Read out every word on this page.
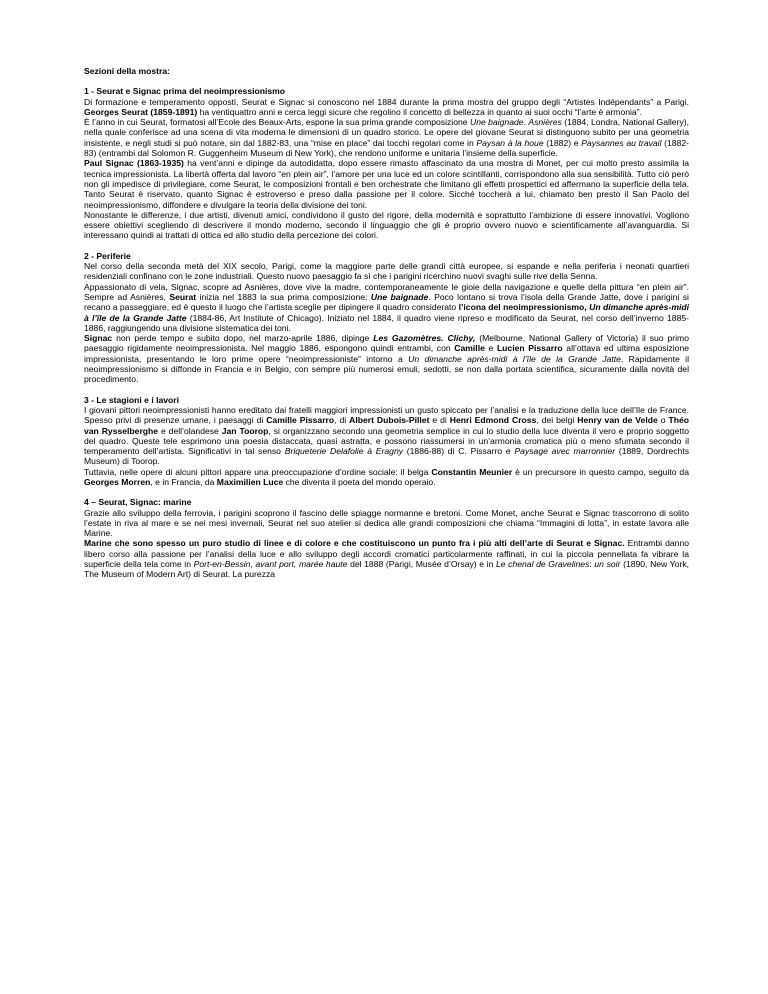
Sezioni della mostra:
1 - Seurat e Signac prima del neoimpressionismo

Di formazione e temperamento opposti, Seurat e Signac si conoscono nel 1884 durante la prima mostra del gruppo degli “Artistes Indépendants” a Parigi. Georges Seurat (1859-1891) ha ventiquattro anni e cerca leggi sicure che regolino il concetto di bellezza in quanto ai suoi occhi “l’arte è armonia”.

È l’anno in cui Seurat, formatosi all’Ecole des Beaux-Arts, espone la sua prima grande composizione Une baignade. Asnières (1884, Londra, National Gallery), nella quale conferisce ad una scena di vita moderna le dimensioni di un quadro storico. Le opere del giovane Seurat si distinguono subito per una geometria insistente, e negli studi si può notare, sin dal 1882-83, una “mise en place” dai tocchi regolari come in Paysan à la houe (1882) e Paysannes au travail (1882-83) (entrambi dal Solomon R. Guggenheim Museum di New York), che rendono uniforme e unitaria l’insieme della superficie.

Paul Signac (1863-1935) ha vent’anni e dipinge da autodidatta, dopo essere rimasto affascinato da una mostra di Monet, per cui molto presto assimila la tecnica impressionista. La libertà offerta dal lavoro “en plein air”, l’amore per una luce ed un colore scintillanti, corrispondono alla sua sensibilità. Tutto ciò però non gli impedisce di privilegiare, come Seurat, le composizioni frontali e ben orchestrate che limitano gli effetti prospettici ed affermano la superficie della tela. Tanto Seurat è riservato, quanto Signac è estroverso e preso dalla passione per il colore. Sicché toccherà a lui, chiamato ben presto il San Paolo del neoimpressionismo, diffondere e divulgare la teoria della divisione dei toni.

Nonostante le differenze, i due artisti, divenuti amici, condividono il gusto del rigore, della modernità e soprattutto l’ambizione di essere innovativi. Vogliono essere obiettivi scegliendo di descrivere il mondo moderno, secondo il linguaggio che gli è proprio ovvero nuovo e scientificamente all’avanguardia. Si interessano quindi ai trattati di ottica ed allo studio della percezione dei colori.

2 - Periferie

Nel corso della seconda metà del XIX secolo, Parigi, come la maggiore parte delle grandi città europee, si espande e nella periferia i neonati quartieri residenziali confinano con le zone industriali. Questo nuovo paesaggio fa sì che i parigini ricerchino nuovi svaghi sulle rive della Senna.

Appassionato di vela, Signac, scopre ad Asnières, dove vive la madre, contemporaneamente le gioie della navigazione e quelle della pittura “en plein air”. Sempre ad Asnières, Seurat inizia nel 1883 la sua prima composizione: Une baignade. Poco lontano si trova l’isola della Grande Jatte, dove i parigini si recano a passeggiare, ed è questo il luogo che l’artista sceglie per dipingere il quadro considerato l’icona del neoimpressionismo, Un dimanche après-midi à l’île de la Grande Jatte (1884-86, Art Institute of Chicago). Iniziato nel 1884, il quadro viene ripreso e modificato da Seurat, nel corso dell’inverno 1885-1886, raggiungendo una divisione sistematica dei toni.

Signac non perde tempo e subito dopo, nel marzo-aprile 1886, dipinge Les Gazomètres. Clichy, (Melbourne, National Gallery of Victoria) il suo primo paesaggio rigidamente neoimpressionista. Nel maggio 1886, espongono quindi entrambi, con Camille e Lucien Pissarro all’ottava ed ultima esposizione impressionista, presentando le loro prime opere “neoimpressioniste” intorno a Un dimanche après-midi à l’île de la Grande Jatte. Rapidamente il neoimpressionismo si diffonde in Francia e in Belgio, con sempre più numerosi emuli, sedotti, se non dalla portata scientifica, sicuramente dalla novità del procedimento.

3 - Le stagioni e i lavori

I giovani pittori neoimpressionisti hanno ereditato dai fratelli maggiori impressionisti un gusto spiccato per l’analisi e la traduzione della luce dell’Ile de France. Spesso privi di presenze umane, i paesaggi di Camille Pissarro, di Albert Dubois-Pillet e di Henri Edmond Cross, dei belgi Henry van de Velde o Théo van Rysselberghe e dell’olandese Jan Toorop, si organizzano secondo una geometria semplice in cui lo studio della luce diventa il vero e proprio soggetto del quadro. Queste tele esprimono una poesia distaccata, quasi astratta, e possono riassumersi in un’armonia cromatica più o meno sfumata secondo il temperamento dell’artista. Significativi in tal senso Briqueterie Delafolie à Eragny (1886-88) di C. Pissarro e Paysage avec marronnier (1889, Dordrechts Museum) di Toorop.

Tuttavia, nelle opere di alcuni pittori appare una preoccupazione d’ordine sociale: il belga Constantin Meunier è un precursore in questo campo, seguito da Georges Morren, e in Francia, da Maximilien Luce che diventa il poeta del mondo operaio.

4 – Seurat, Signac: marine

Grazie allo sviluppo della ferrovia, i parigini scoprono il fascino delle spiagge normanne e bretoni. Come Monet, anche Seurat e Signac trascorrono di solito l’estate in riva al mare e se nei mesi invernali, Seurat nel suo atelier si dedica alle grandi composizioni che chiama “Immagini di lotta”, in estate lavora alle Marine.

Marine che sono spesso un puro studio di linee e di colore e che costituiscono un punto fra i più alti dell’arte di Seurat e Signac. Entrambi danno libero corso alla passione per l’analisi della luce e allo sviluppo degli accordi cromatici particolarmente raffinati, in cui la piccola pennellata fa vibrare la superficie della tela come in Port-en-Bessin, avant port, marée haute del 1888 (Parigi, Musée d’Orsay) e in Le chenal de Gravelines: un soir (1890, New York, The Museum of Modern Art) di Seurat. La purezza
